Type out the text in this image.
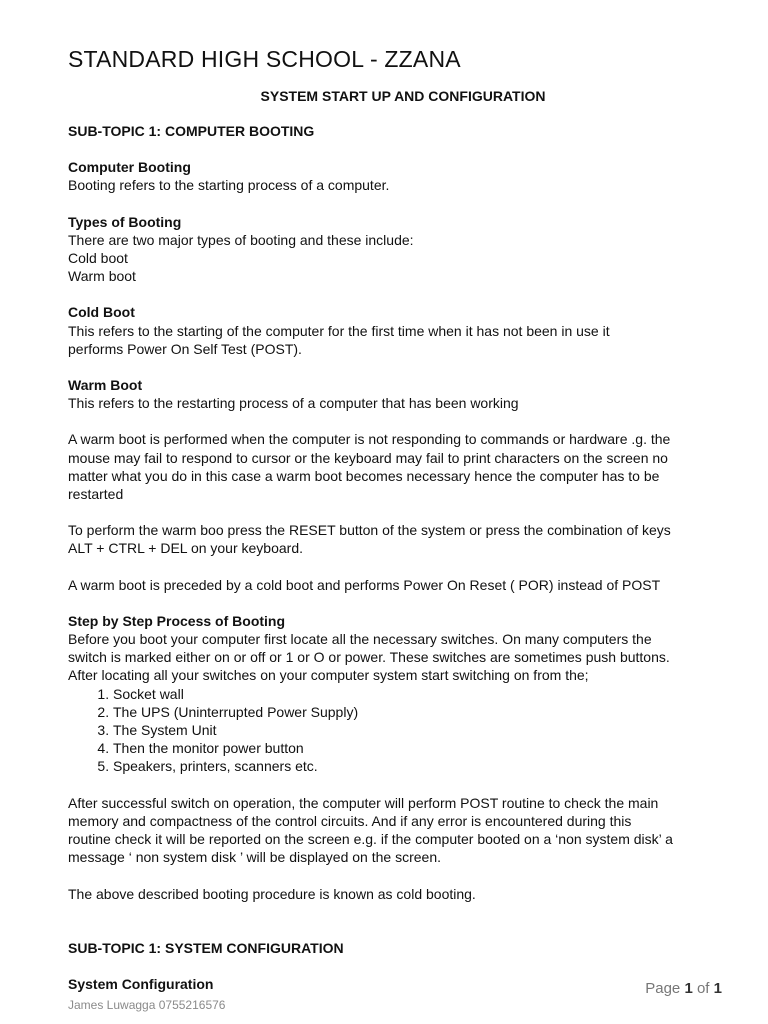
STANDARD HIGH SCHOOL - ZZANA
SYSTEM START UP AND CONFIGURATION

SUB-TOPIC 1: COMPUTER BOOTING

Computer Booting

Booting refers to the starting process of a computer.

Types of Booting

There are two major types of booting and these include:

Cold boot

Warm boot

Cold Boot

This refers to the starting of the computer for the first time when it has not been in use it

performs Power On Self Test (POST).

Warm Boot

This refers to the restarting process of a computer that has been working

A warm boot is performed when the computer is not responding to commands or hardware .g. the

mouse may fail to respond to cursor or the keyboard may fail to print characters on the screen no

matter what you do in this case a warm boot becomes necessary hence the computer has to be

restarted

To perform the warm boo press the RESET button of the system or press the combination of keys

ALT + CTRL + DEL on your keyboard.

A warm boot is preceded by a cold boot and performs Power On Reset ( POR) instead of POST

Step by Step Process of Booting

Before you boot your computer first locate all the necessary switches. On many computers the

switch is marked either on or off or 1 or O or power. These switches are sometimes push buttons.

After locating all your switches on your computer system start switching on from the;

1. Socket wall
2. The UPS (Uninterrupted Power Supply)
3. The System Unit
4. Then the monitor power button
5. Speakers, printers, scanners etc.

After successful switch on operation, the computer will perform POST routine to check the main

memory and compactness of the control circuits. And if any error is encountered during this

routine check it will be reported on the screen e.g. if the computer booted on a ‘non system disk’ a

message ‘ non system disk ’ will be displayed on the screen.

The above described booting procedure is known as cold booting.

SUB-TOPIC 1: SYSTEM CONFIGURATION

System Configuration	Page 1 of 1
James Luwagga 0755216576
